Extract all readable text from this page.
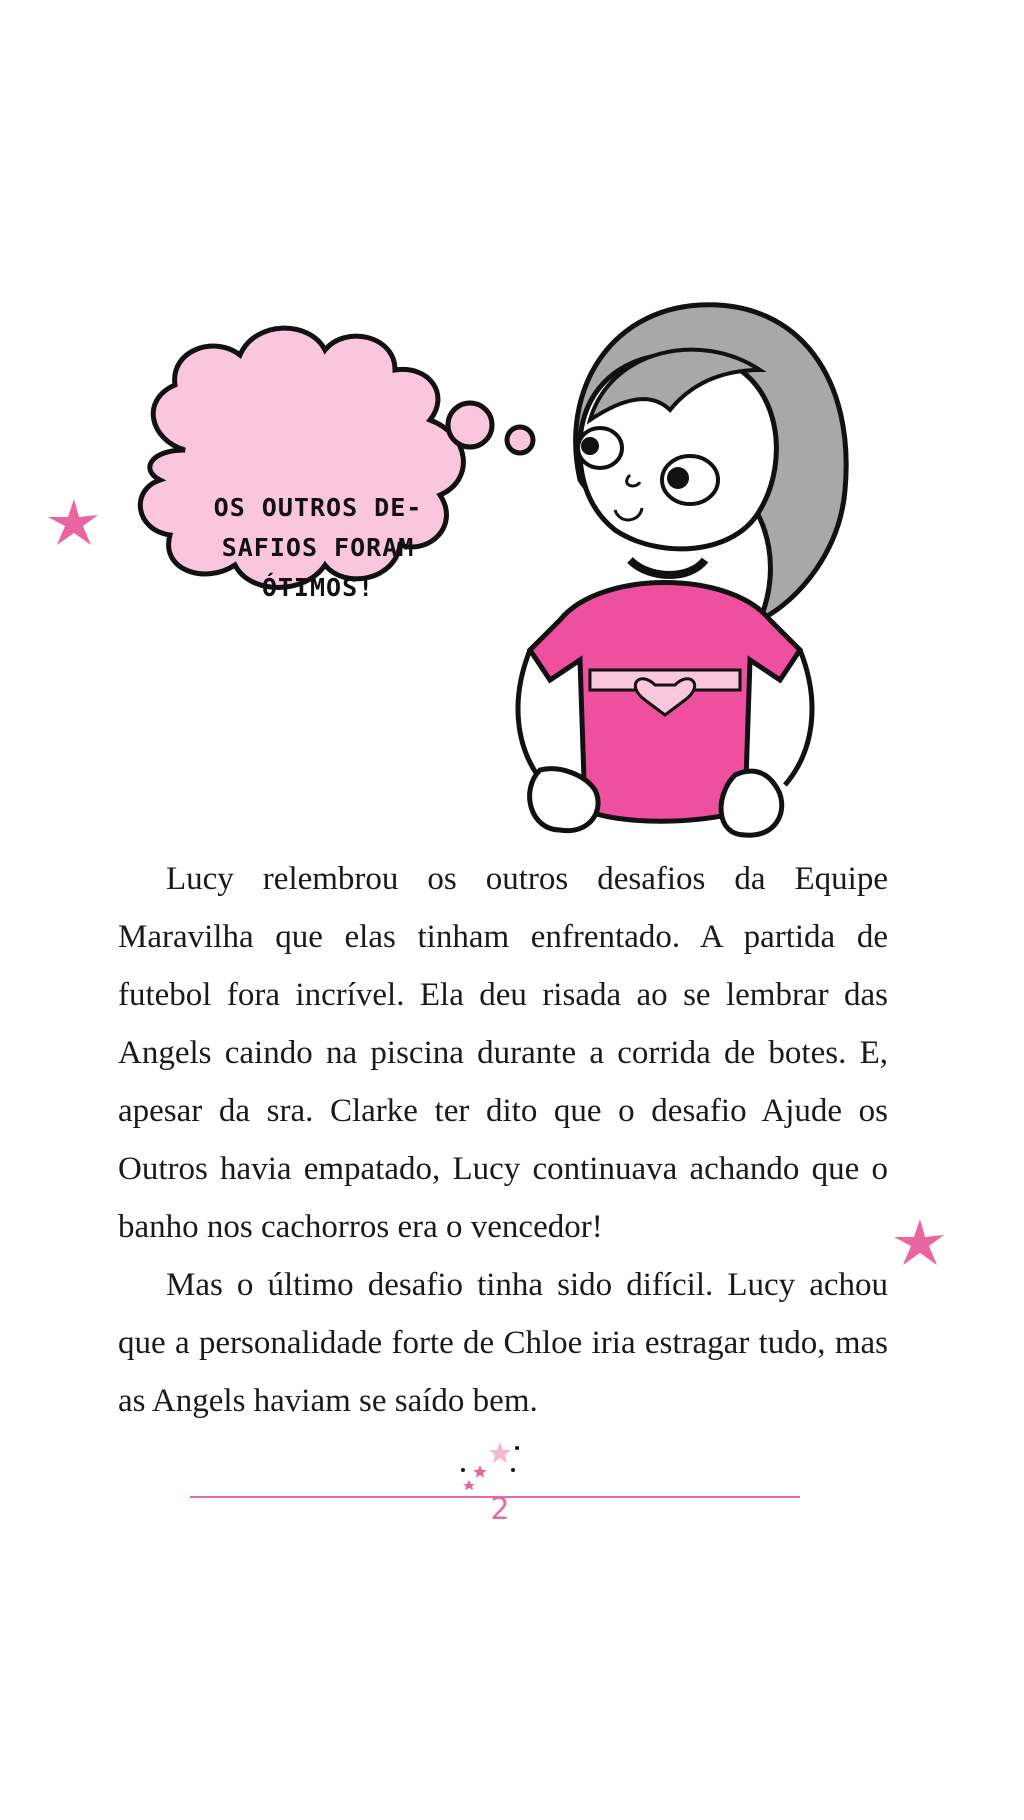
OS OUTROS DE-
SAFIOS FORAM
ÓTIMOS!

Lucy relembrou os outros desafios da Equipe Maravilha que elas tinham enfrentado. A partida de futebol fora incrível. Ela deu risada ao se lembrar das Angels caindo na piscina durante a corrida de botes. E, apesar da sra. Clarke ter dito que o desafio Ajude os Outros havia empatado, Lucy continuava achando que o banho nos cachorros era o vencedor!

Mas o último desafio tinha sido difícil. Lucy achou que a personalidade forte de Chloe iria estragar tudo, mas as Angels haviam se saído bem.

2
